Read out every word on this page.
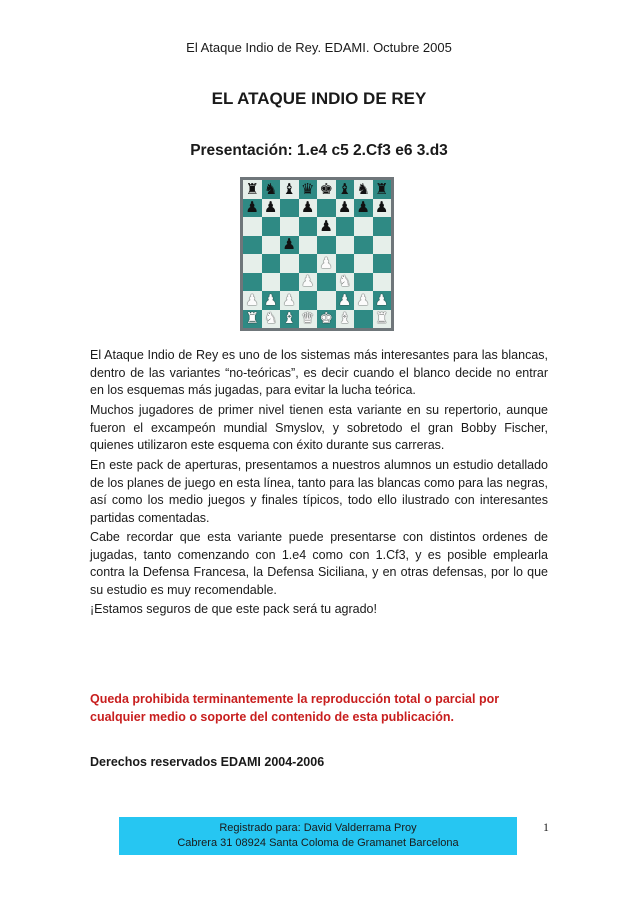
El Ataque Indio de Rey. EDAMI. Octubre 2005
EL ATAQUE INDIO DE REY
Presentación: 1.e4 c5 2.Cf3 e6 3.d3
♜ ♞ ♝ ♛ ♚ ♝ ♞ ♜
♟ ♟ ♟ ♟ ♟ ♟
♟
♟
♟
♟ ♞
♟ ♟ ♟	♟ ♟ ♟
♜ ♞ ♝ ♛ ♚ ♝ ♜

El Ataque Indio de Rey es uno de los sistemas más interesantes para las blancas, dentro de las variantes “no-teóricas”, es decir cuando el blanco decide no entrar en los esquemas más jugadas, para evitar la lucha teórica.

Muchos jugadores de primer nivel tienen esta variante en su repertorio, aunque fueron el excampeón mundial Smyslov, y sobretodo el gran Bobby Fischer, quienes utilizaron este esquema con éxito durante sus carreras.

En este pack de aperturas, presentamos a nuestros alumnos un estudio detallado de los planes de juego en esta línea, tanto para las blancas como para las negras, así como los medio juegos y finales típicos, todo ello ilustrado con interesantes partidas comentadas.

Cabe recordar que esta variante puede presentarse con distintos ordenes de jugadas, tanto comenzando con 1.e4 como con 1.Cf3, y es posible emplearla contra la Defensa Francesa, la Defensa Siciliana, y en otras defensas, por lo que su estudio es muy recomendable.

¡Estamos seguros de que este pack será tu agrado!

Queda prohibida terminantemente la reproducción total o parcial por cualquier medio o soporte del contenido de esta publicación.

Derechos reservados EDAMI 2004-2006

1
Registrado para: David Valderrama Proy
Cabrera 31 08924 Santa Coloma de Gramanet Barcelona
